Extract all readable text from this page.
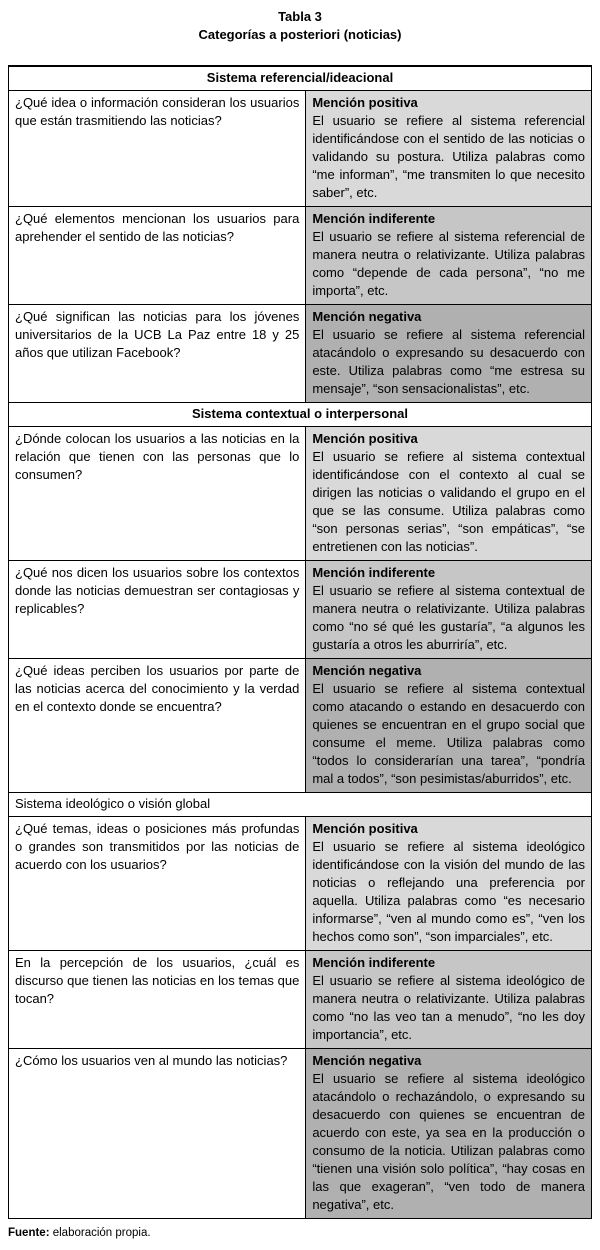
Tabla 3
Categorías a posteriori (noticias)
Sistema referencial/ideacional	
¿Qué idea o información consideran los usuarios que están trasmitiendo las noticias?	Mención positiva
El usuario se refiere al sistema referencial identificándose con el sentido de las noticias o validando su postura. Utiliza palabras como “me informan”, “me transmiten lo que necesito saber”, etc.

¿Qué elementos mencionan los usuarios para aprehender el sentido de las noticias?	Mención indiferente
El usuario se refiere al sistema referencial de manera neutra o relativizante. Utiliza palabras como “depende de cada persona”, “no me importa”, etc.

¿Qué significan las noticias para los jóvenes universitarios de la UCB La Paz entre 18 y 25 años que utilizan Facebook?	Mención negativa
El usuario se refiere al sistema referencial atacándolo o expresando su desacuerdo con este. Utiliza palabras como “me estresa su mensaje”, “son sensacionalistas”, etc.

Sistema contextual o interpersonal	
¿Dónde colocan los usuarios a las noticias en la relación que tienen con las personas que lo consumen?	Mención positiva
El usuario se refiere al sistema contextual identificándose con el contexto al cual se dirigen las noticias o validando el grupo en el que se las consume. Utiliza palabras como “son personas serias”, “son empáticas”, “se entretienen con las noticias”.

¿Qué nos dicen los usuarios sobre los contextos donde las noticias demuestran ser contagiosas y replicables?	Mención indiferente
El usuario se refiere al sistema contextual de manera neutra o relativizante. Utiliza palabras como “no sé qué les gustaría”, “a algunos les gustaría a otros les aburriría”, etc.

¿Qué ideas perciben los usuarios por parte de las noticias acerca del conocimiento y la verdad en el contexto donde se encuentra?	Mención negativa
El usuario se refiere al sistema contextual como atacando o estando en desacuerdo con quienes se encuentran en el grupo social que consume el meme. Utiliza palabras como “todos lo considerarían una tarea”, “pondría mal a todos”, “son pesimistas/aburridos”, etc.

Sistema ideológico o visión global	
¿Qué temas, ideas o posiciones más profundas o grandes son transmitidos por las noticias de acuerdo con los usuarios?	Mención positiva
El usuario se refiere al sistema ideológico identificándose con la visión del mundo de las noticias o reflejando una preferencia por aquella. Utiliza palabras como “es necesario informarse”, “ven al mundo como es”, “ven los hechos como son”, “son imparciales”, etc.

En la percepción de los usuarios, ¿cuál es discurso que tienen las noticias en los temas que tocan?	Mención indiferente
El usuario se refiere al sistema ideológico de manera neutra o relativizante. Utiliza palabras como “no las veo tan a menudo”, “no les doy importancia”, etc.

¿Cómo los usuarios ven al mundo las noticias?	Mención negativa
El usuario se refiere al sistema ideológico atacándolo o rechazándolo, o expresando su desacuerdo con quienes se encuentran de acuerdo con este, ya sea en la producción o consumo de la noticia. Utilizan palabras como “tienen una visión solo política”, “hay cosas en las que exageran”, “ven todo de manera negativa”, etc.
Fuente: elaboración propia.
